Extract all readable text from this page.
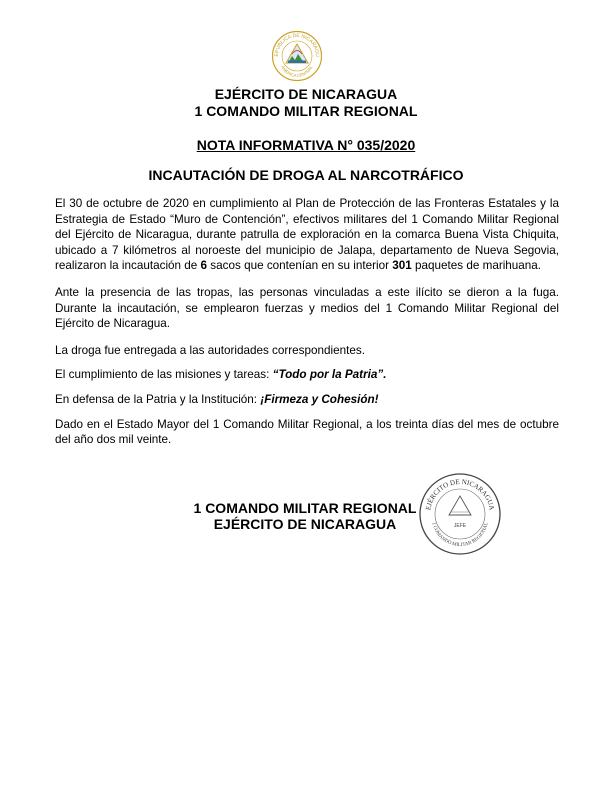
EPÚBLICA DE NICARAGU
AMÉRICA CENTRAL
EJÉRCITO DE NICARAGUA
1 COMANDO MILITAR REGIONAL
NOTA INFORMATIVA N° 035/2020
INCAUTACIÓN DE DROGA AL NARCOTRÁFICO

El 30 de octubre de 2020 en cumplimiento al Plan de Protección de las Fronteras Estatales y la Estrategia de Estado “Muro de Contención”, efectivos militares del 1 Comando Militar Regional del Ejército de Nicaragua, durante patrulla de exploración en la comarca Buena Vista Chiquita, ubicado a 7 kilómetros al noroeste del municipio de Jalapa, departamento de Nueva Segovia, realizaron la incautación de 6 sacos que contenían en su interior 301 paquetes de marihuana.

Ante la presencia de las tropas, las personas vinculadas a este ilícito se dieron a la fuga. Durante la incautación, se emplearon fuerzas y medios del 1 Comando Militar Regional del Ejército de Nicaragua.

La droga fue entregada a las autoridades correspondientes.

El cumplimiento de las misiones y tareas: “Todo por la Patria”.

En defensa de la Patria y la Institución: ¡Firmeza y Cohesión!

Dado en el Estado Mayor del 1 Comando Militar Regional, a los treinta días del mes de octubre del año dos mil veinte.

1 COMANDO MILITAR REGIONAL
EJÉRCITO DE NICARAGUA
EJÉRCITO DE NICARAGUA
1 COMANDO MILITAR REGIONAL
JEFE
